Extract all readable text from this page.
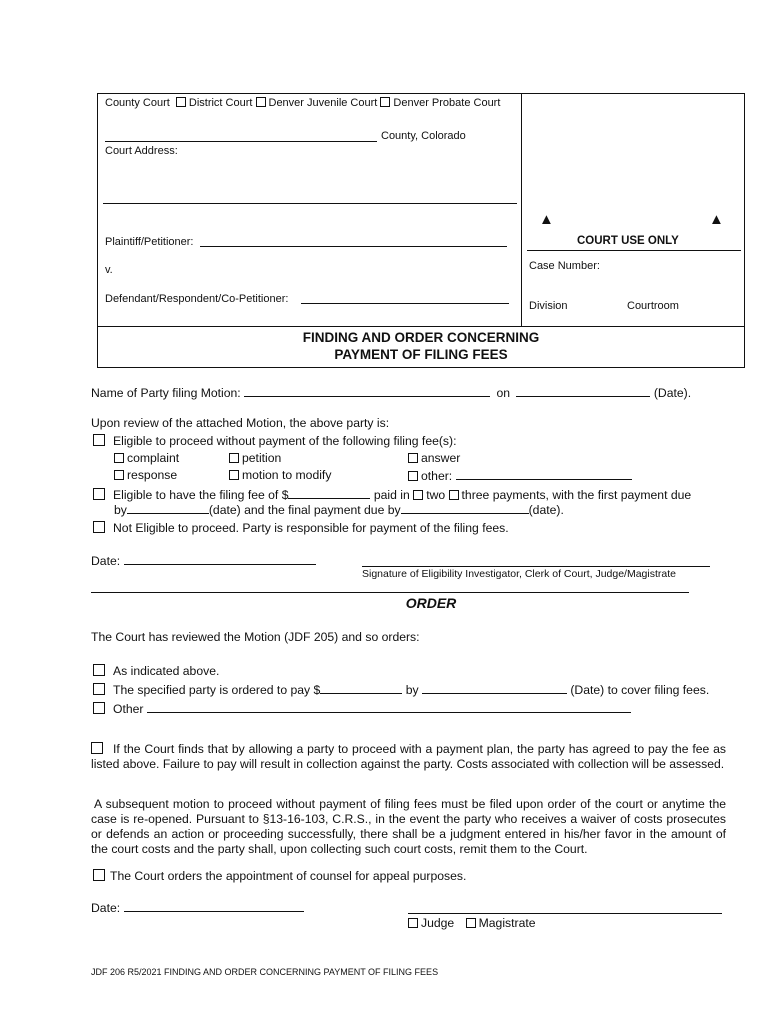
County Court District Court Denver Juvenile Court Denver Probate Court
County, Colorado
Court Address:
Plaintiff/Petitioner:
v.
Defendant/Respondent/Co-Petitioner:
▲	▲
COURT USE ONLY
Case Number:
Division	Courtroom
FINDING AND ORDER CONCERNING
PAYMENT OF FILING FEES
Name of Party filing Motion:	on	(Date).
Upon review of the attached Motion, the above party is:
Eligible to proceed without payment of the following filing fee(s):
complaint	petition	answer
response	motion to modify	other:
Eligible to have the filing fee of $	paid in two three payments, with the first payment due
by	(date) and the final payment due by	(date).
Not Eligible to proceed. Party is responsible for payment of the filing fees.
Date:
Signature of Eligibility Investigator, Clerk of Court, Judge/Magistrate
ORDER
The Court has reviewed the Motion (JDF 205) and so orders:
As indicated above.
The specified party is ordered to pay $	by	(Date) to cover filing fees.
Other
If the Court finds that by allowing a party to proceed with a payment plan, the party has agreed to pay the fee as listed above. Failure to pay will result in collection against the party. Costs associated with collection will be assessed.
A subsequent motion to proceed without payment of filing fees must be filed upon order of the court or anytime the case is re-opened. Pursuant to §13-16-103, C.R.S., in the event the party who receives a waiver of costs prosecutes or defends an action or proceeding successfully, there shall be a judgment entered in his/her favor in the amount of the court costs and the party shall, upon collecting such court costs, remit them to the Court.
The Court orders the appointment of counsel for appeal purposes.
Date:
Judge Magistrate
JDF 206 R5/2021 FINDING AND ORDER CONCERNING PAYMENT OF FILING FEES
